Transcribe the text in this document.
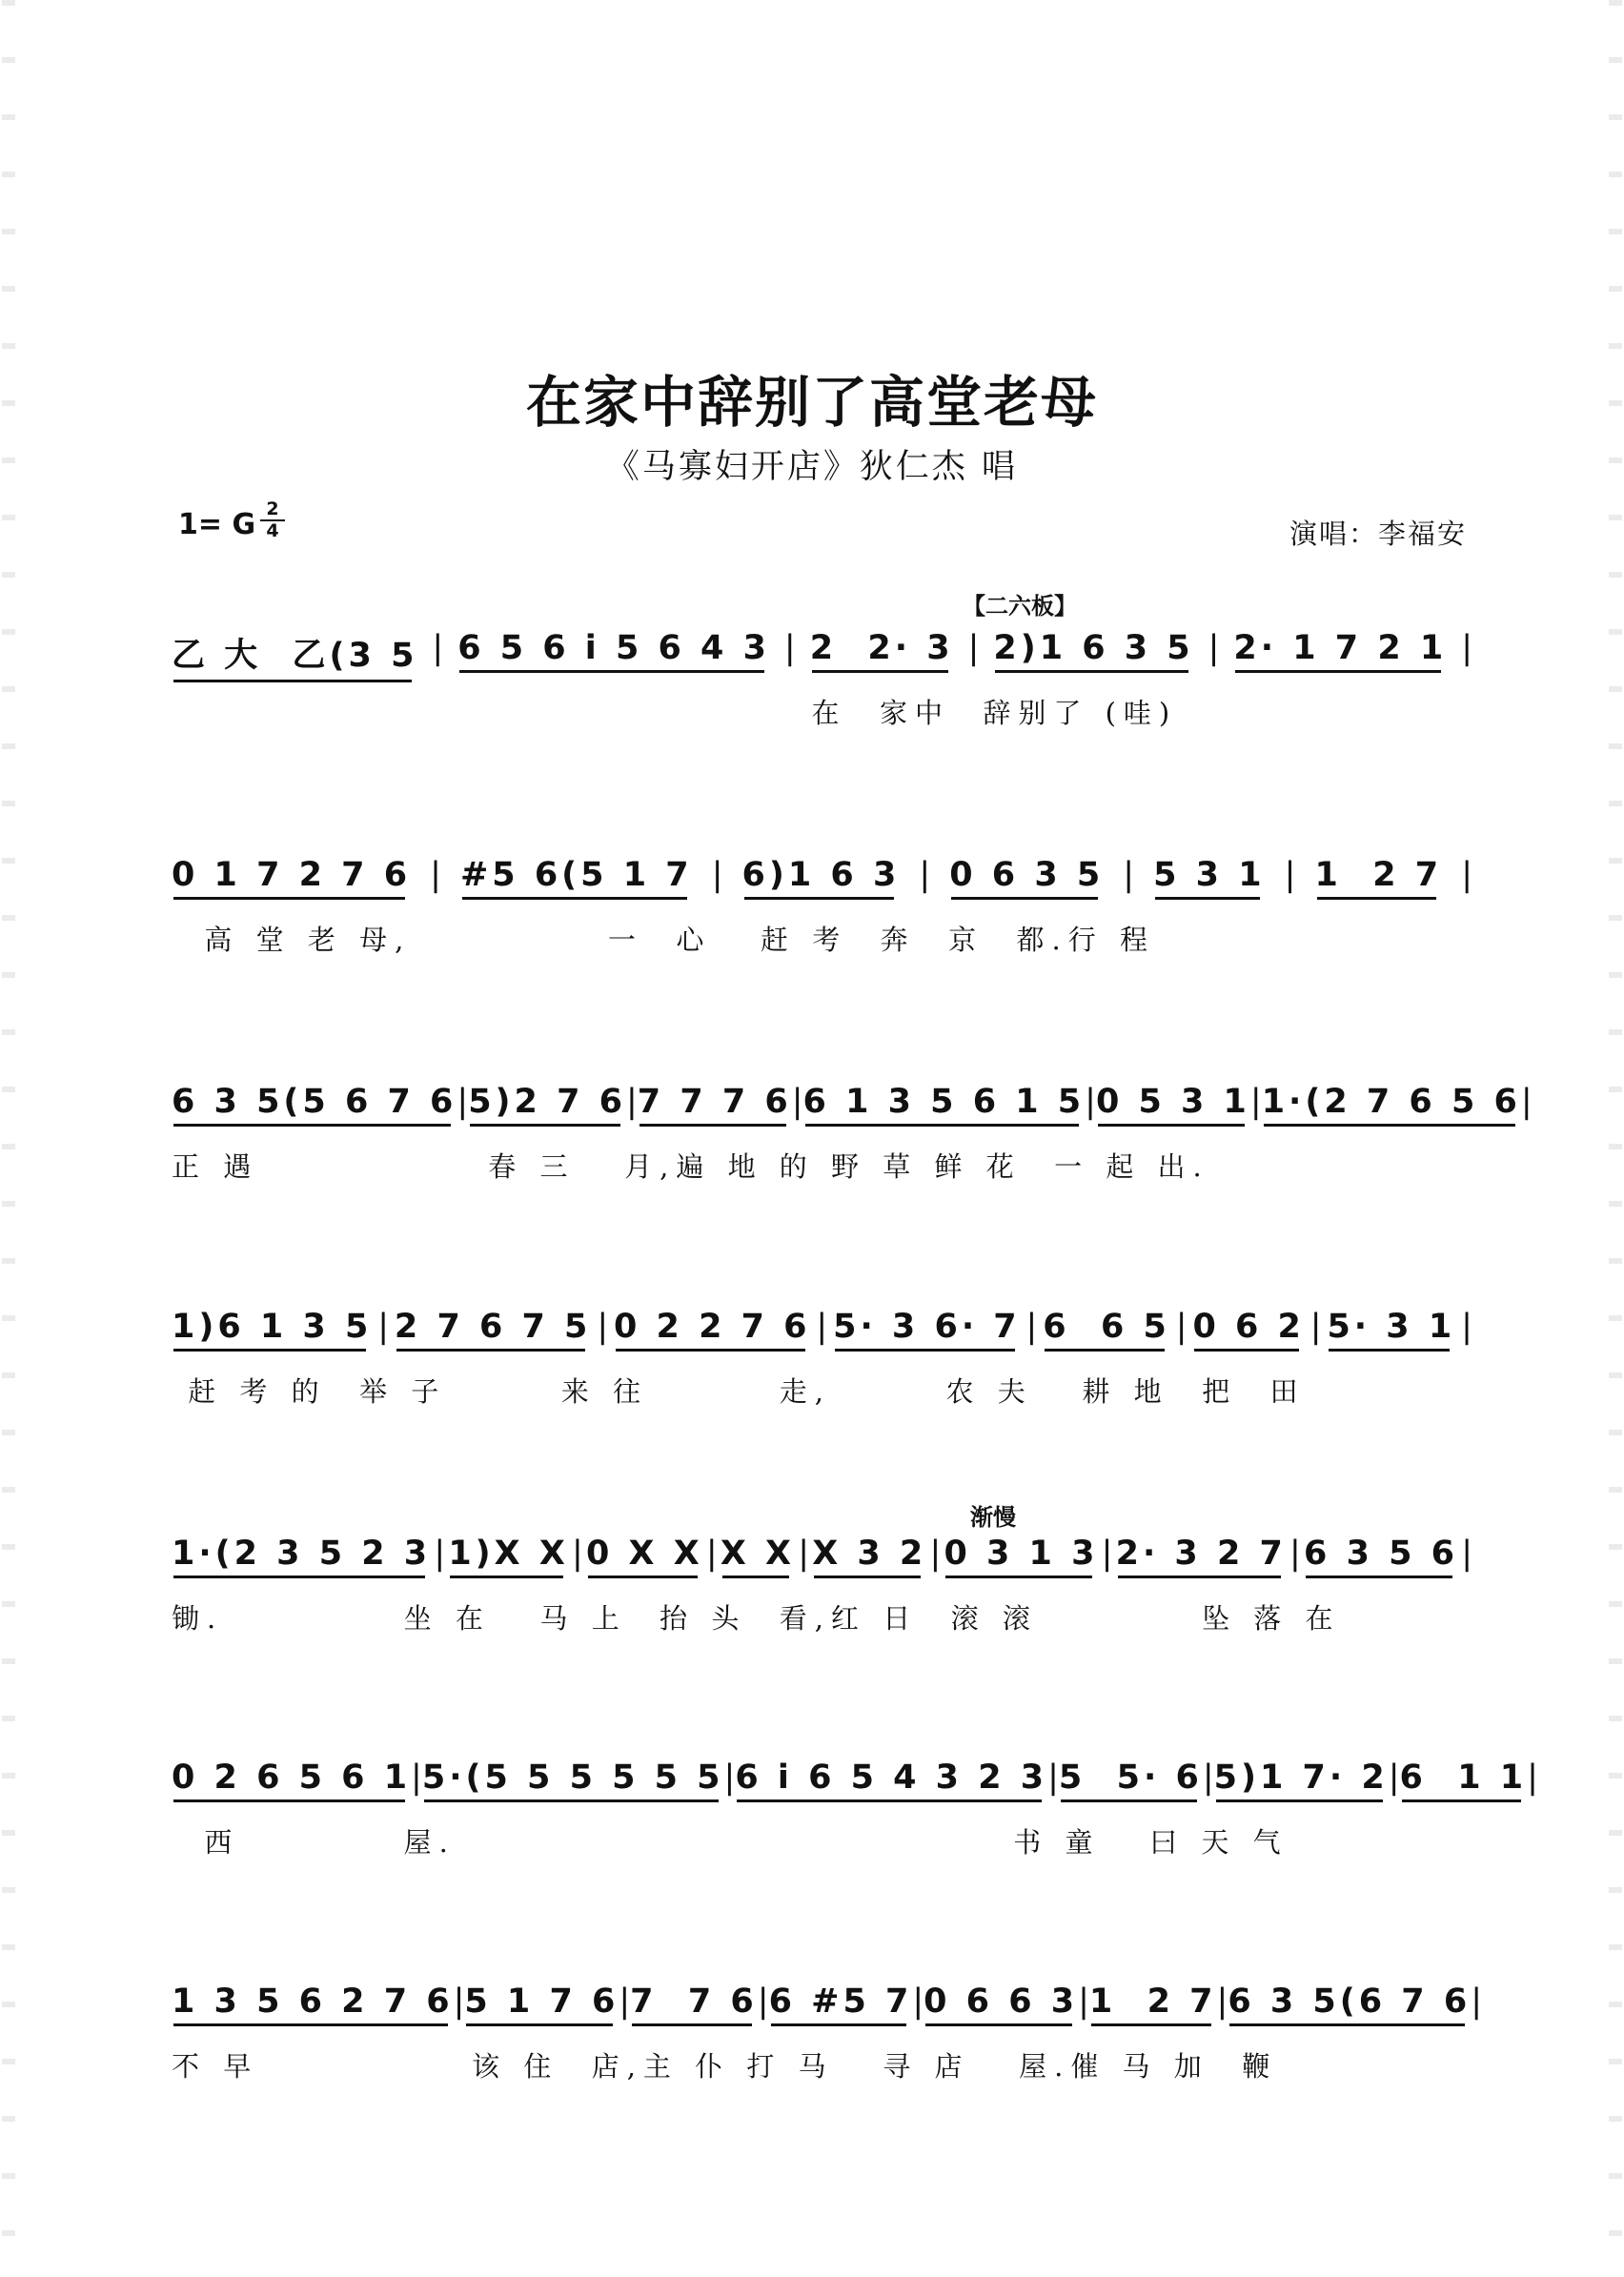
在家中辞别了高堂老母
《马寡妇开店》狄仁杰 唱
1= G $\frac{2}{4}$	演唱：李福安
【二六板】
渐慢
乙 大  乙(3 5 | 6 5 6 i 5 6 4 3 | 2  2· 3 | 2)1 6 3 5 | 2· 1 7 2 1 |
在  家中  辞别了 (哇)
0 1 7 2 7 6 | #5 6(5 1 7 | 6)1 6 3 | 0 6 3 5 | 5 3 1 | 1  2 7 |
高 堂 老 母,            一  心   赶 考  奔  京  都.行 程
6 3 5(5 6 7 6 | 5)2 7 6 | 7 7 7 6 | 6 1 3 5 6 1 5 | 0 5 3 1 | 1·(2 7 6 5 6 |
正 遇              春 三   月,遍 地 的 野 草 鲜 花  一 起 出.
1)6 1 3 5 | 2 7 6 7 5 | 0 2 2 7 6 | 5· 3 6· 7 | 6  6 5 | 0 6 2 | 5· 3 1 |
赶 考 的  举 子       来 往        走,       农 夫   耕 地  把  田
1·(2 3 5 2 3 | 1)X X | 0 X X | X X | X 3 2 | 0 3 1 3 | 2· 3 2 7 | 6 3 5 6 |
锄.           坐 在   马 上  抬 头  看,红 日  滚 滚          坠 落 在
0 2 6 5 6 1 | 5·(5 5 5 5 5 5 | 6 i 6 5 4 3 2 3 | 5  5· 6 | 5)1 7· 2 | 6  1 1 |
西          屋.                                  书 童   曰 天 气
1 3 5 6 2 7 6 | 5 1 7 6 | 7  7 6 | 6 #5 7 | 0 6 6 3 | 1  2 7 | 6 3 5(6 7 6 |
不 早             该 住  店,主 仆 打 马   寻 店   屋.催 马 加  鞭
